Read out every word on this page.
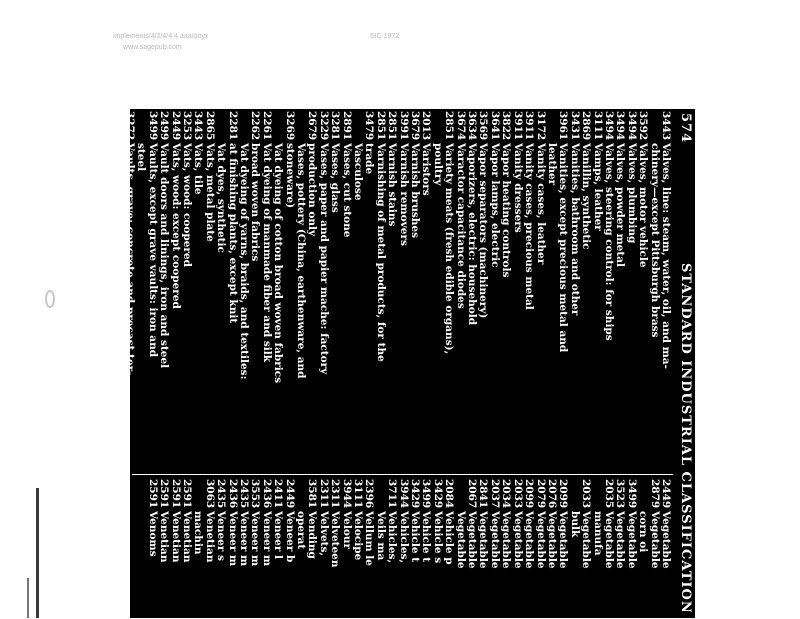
implements/4/2/4/4 4 aaa/ooyx
www.sagepub.com
SIC 1972
574
STANDARD INDUSTRIAL CLASSIFICATION
3443
Valves, line: steam, water, oil, and ma-
chinery—except Pittsburgh brass
3592
Valves, motor vehicle
3494
Valves, plumbing
3494
Valves, powder metal
3494
Valves, steering control: for ships
3111
Vamps, leather
2869
Vanillin, synthetic
3431
Vanities, bathroom and other
3961
Vanities, except precious metal and
leather
3172
Vanity cases, leather
3911
Vanity cases, precious metal
3911
Vanity dressers
3822
Vapor heating controls
3641
Vapor lamps, electric
3569
Vapor separators (machinery)
3634
Vaporizers, electric: household
3674
Varactor capacitance diodes
2851
Variety meats (fresh edible organs),
poultry
2013
Varistors
3679
Varnish brushes
3991
Varnish removers
2851
Varnish stains
2851
Varnishing of metal products, for the
3479
trade
Vasculose
2891
Vases, cut stone
3281
Vases, glass
3229
Vases, paper and papier mache: factory
2679
production only
Vases, pottery (China, earthenware, and
3269
stoneware)
Vat dyeing of cotton broad woven fabrics
2261
Vat dyeing of manmade fiber and silk
2262
broad woven fabrics
Vat dyeing of yarns, braids, and textiles:
2281
at finishing plants, except knit
Vat dyes, synthetic
2865
Vats, metal plate
3443
Vats, tile
3253
Vats, wood: coopered
2449
Vats, wood: except coopered
2499
Vault doors and linings, iron and steel
3499
Vaults, except grave vaults: iron and
steel
3272
Vaults, grave: concrete and precast ter-
razzo
3995
Vaults, grave: metal
2011
Veal, retail
2449
Vegetable
2879
Vegetable
corn oi
3499
Vegetable
3523
Vegetable
2035
Vegetable
manufa
2033
Vegetable
bulk
2099
Vegetable
2076
Vegetable
2079
Vegetable
2099
Vegetable
2033
Vegetable
2034
Vegetable
2037
Vegetable
2841
Vegetable
2067
Vegetable
Vegetable
2084
Vehicle p
3429
Vehicle s
3499
Vehicle t
3429
Vehicle t
3944
Vehicles,
3711
Vehicles,
Veils ma
2396
Vellum le
3111
Velocipe
3944
Velour
2311
Velveteen
2311
Velvets,
3581
Vending
operat
2449
Veneer b
2411
Veneer l
2436
Veneer m
3553
Veneer m
2435
Veneer m
2436
Veneer m
2435
Veneer s
3063
Venetian
machin
2591
Venetian
2591
Venetian
2591
Venetian
2591
Venoms
